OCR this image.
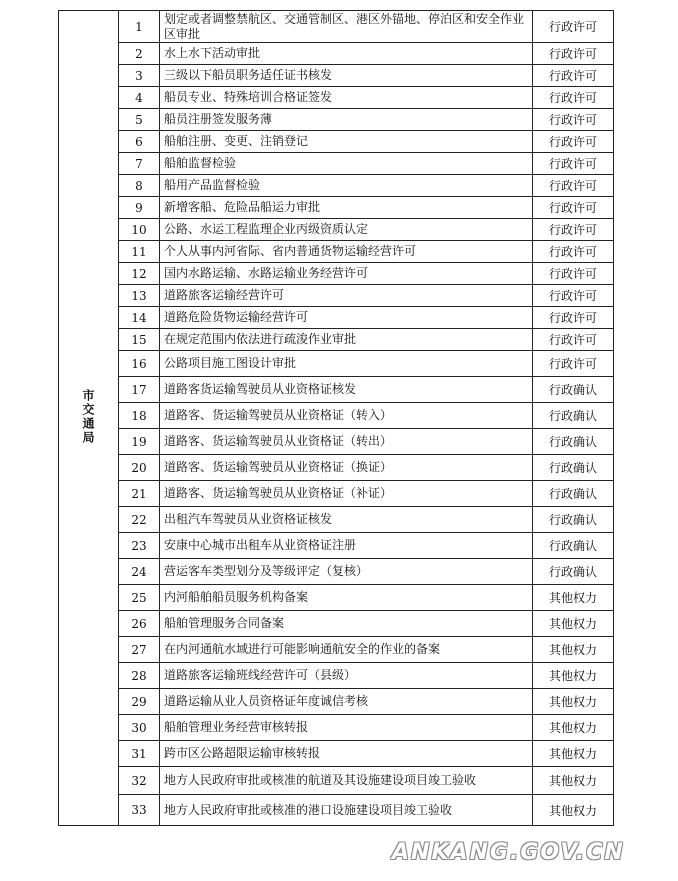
市交通局	1	划定或者调整禁航区、交通管制区、港区外锚地、停泊区和安全作业区审批	行政许可
	2	水上水下活动审批	行政许可
	3	三级以下船员职务适任证书核发	行政许可
	4	船员专业、特殊培训合格证签发	行政许可
	5	船员注册签发服务薄	行政许可
	6	船舶注册、变更、注销登记	行政许可
	7	船舶监督检验	行政许可
	8	船用产品监督检验	行政许可
	9	新增客船、危险品船运力审批	行政许可
	10	公路、水运工程监理企业丙级资质认定	行政许可
	11	个人从事内河省际、省内普通货物运输经营许可	行政许可
	12	国内水路运输、水路运输业务经营许可	行政许可
	13	道路旅客运输经营许可	行政许可
	14	道路危险货物运输经营许可	行政许可
	15	在规定范围内依法进行疏浚作业审批	行政许可
	16	公路项目施工图设计审批	行政许可
	17	道路客货运输驾驶员从业资格证核发	行政确认
	18	道路客、货运输驾驶员从业资格证（转入）	行政确认
	19	道路客、货运输驾驶员从业资格证（转出）	行政确认
	20	道路客、货运输驾驶员从业资格证（换证）	行政确认
	21	道路客、货运输驾驶员从业资格证（补证）	行政确认
	22	出租汽车驾驶员从业资格证核发	行政确认
	23	安康中心城市出租车从业资格证注册	行政确认
	24	营运客车类型划分及等级评定（复核）	行政确认
	25	内河船舶船员服务机构备案	其他权力
	26	船舶管理服务合同备案	其他权力
	27	在内河通航水域进行可能影响通航安全的作业的备案	其他权力
	28	道路旅客运输班线经营许可（县级）	其他权力
	29	道路运输从业人员资格证年度诚信考核	其他权力
	30	船舶管理业务经营审核转报	其他权力
	31	跨市区公路超限运输审核转报	其他权力
	32	地方人民政府审批或核准的航道及其设施建设项目竣工验收	其他权力
	33	地方人民政府审批或核准的港口设施建设项目竣工验收	其他权力
ANKANG.GOV.CN
